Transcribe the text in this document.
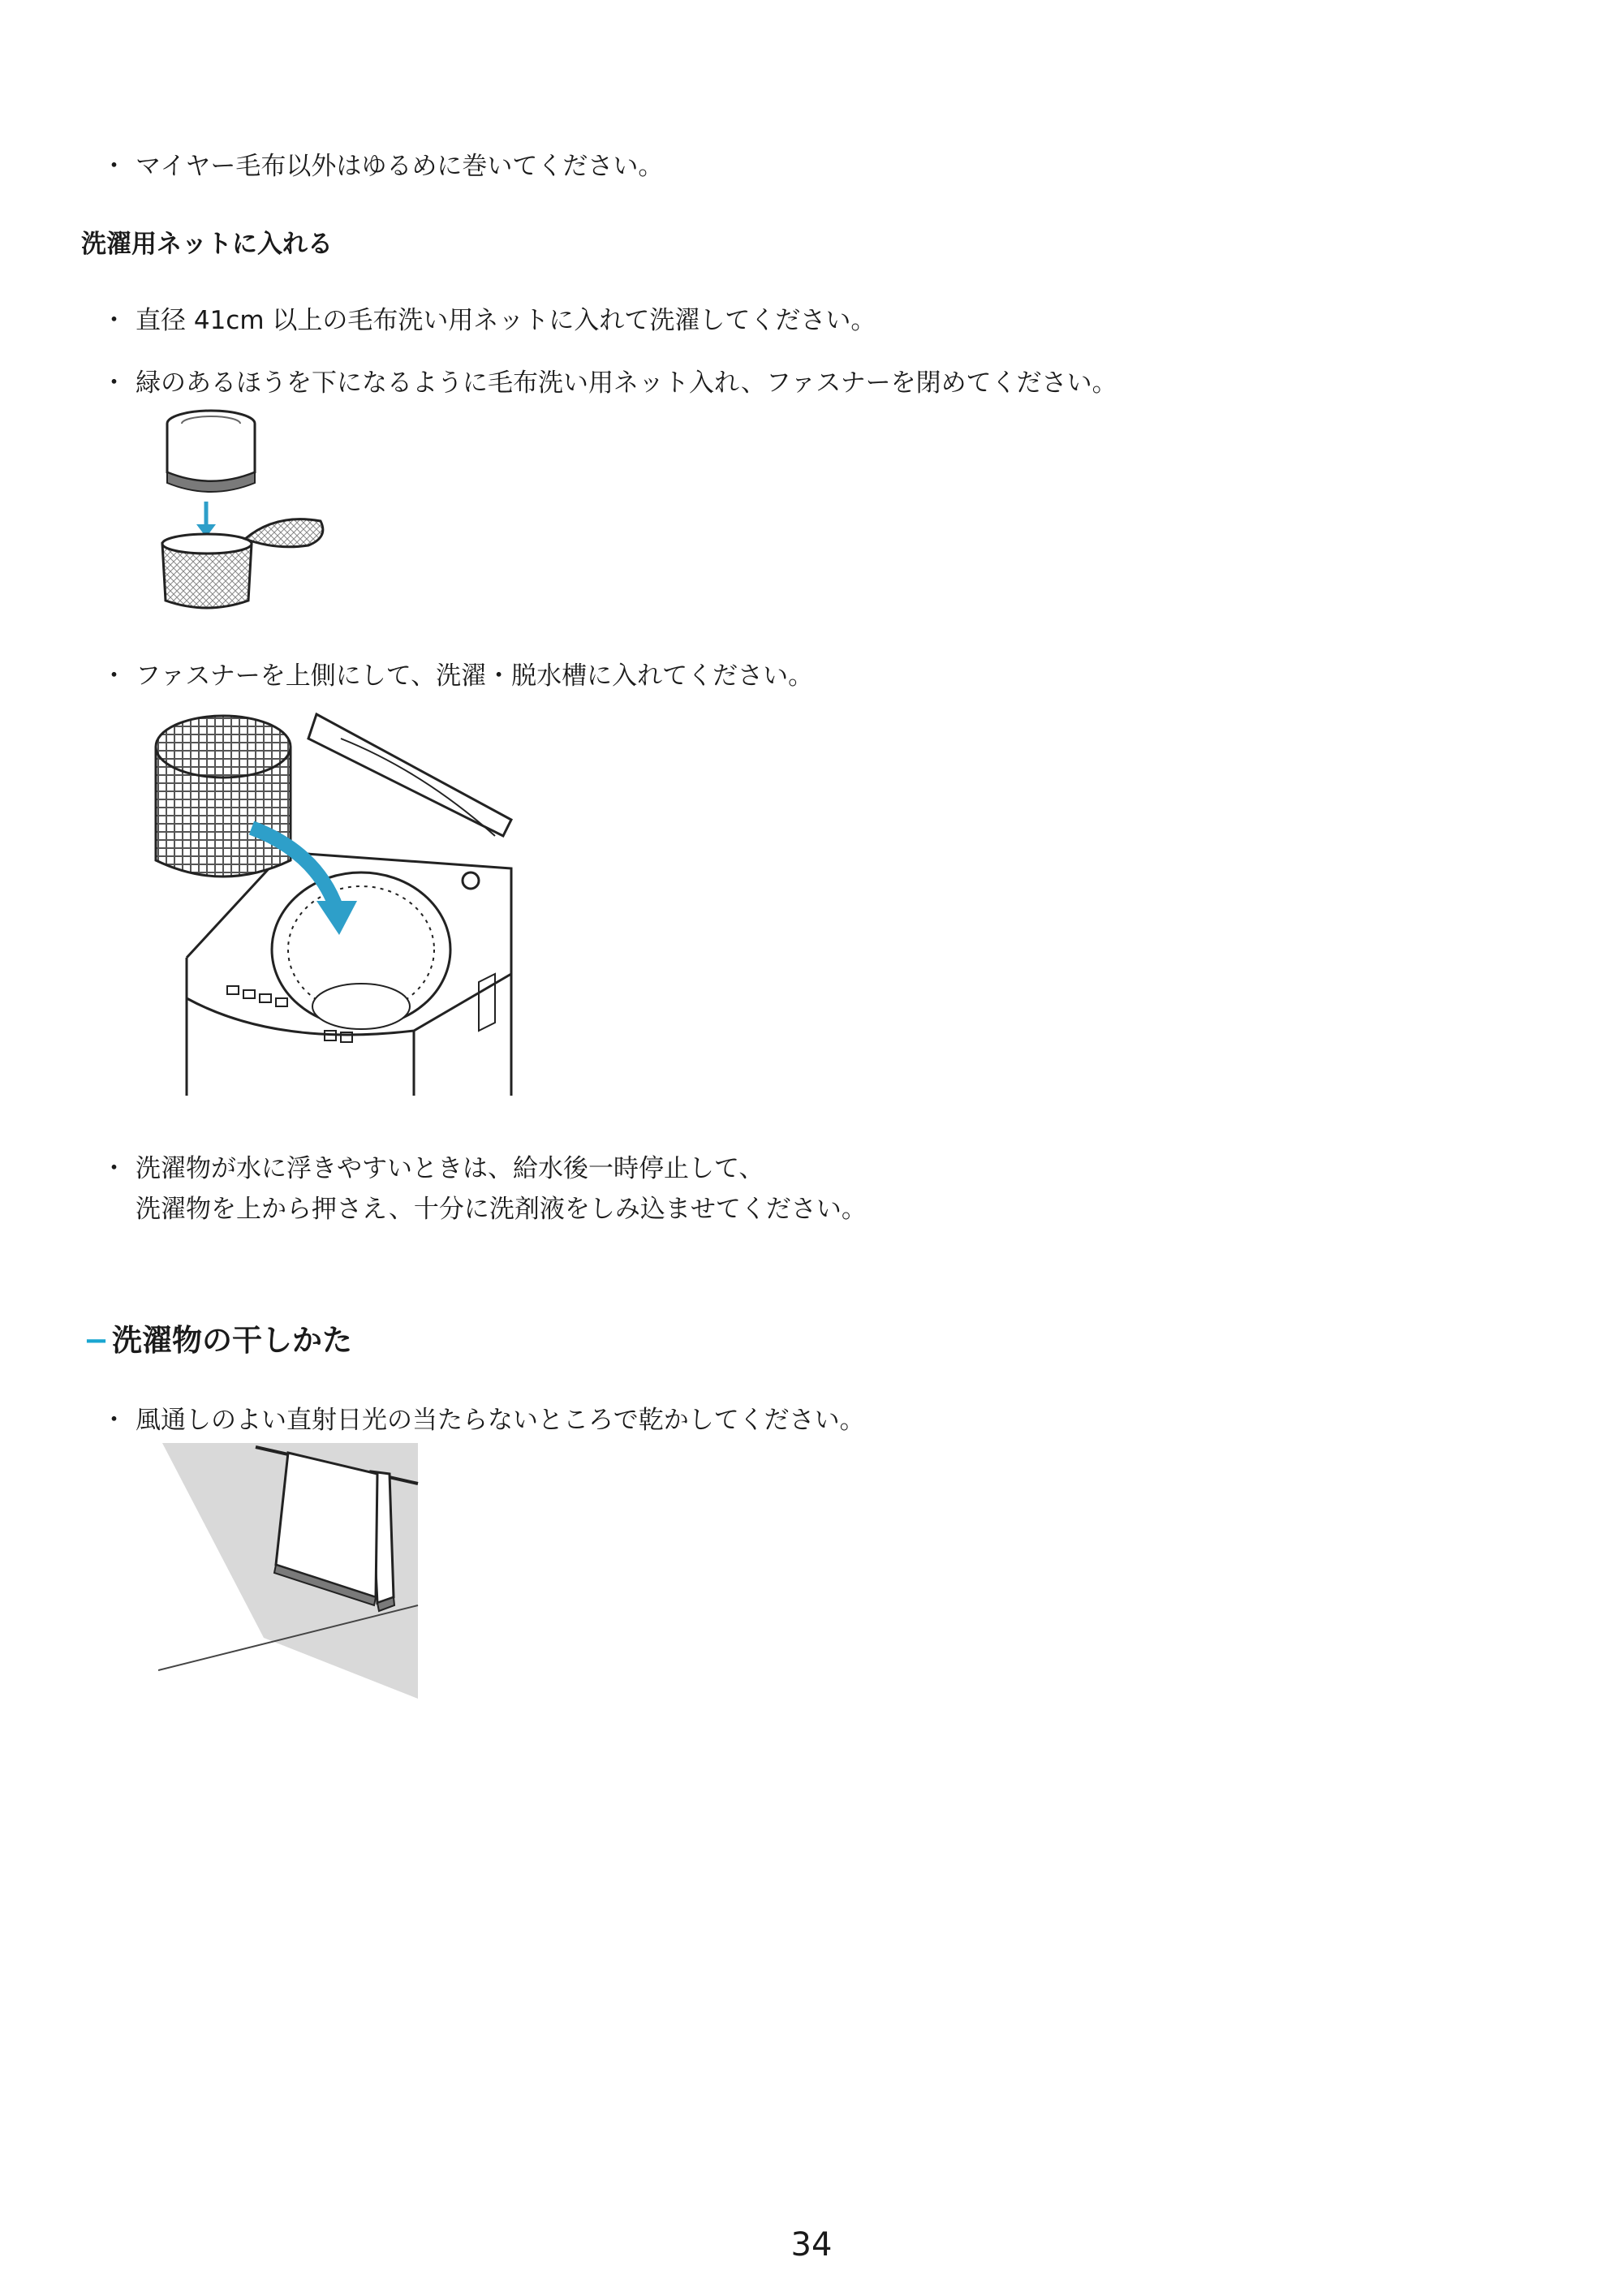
・ マイヤー毛布以外はゆるめに巻いてください。
洗濯用ネットに入れる
・ 直径 41cm 以上の毛布洗い用ネットに入れて洗濯してください。
・ 緑のあるほうを下になるように毛布洗い用ネット入れ、ファスナーを閉めてください。
・ ファスナーを上側にして、洗濯・脱水槽に入れてください。
・ 洗濯物が水に浮きやすいときは、給水後一時停止して、
洗濯物を上から押さえ、十分に洗剤液をしみ込ませてください。
− 洗濯物の干しかた
・ 風通しのよい直射日光の当たらないところで乾かしてください。
34
